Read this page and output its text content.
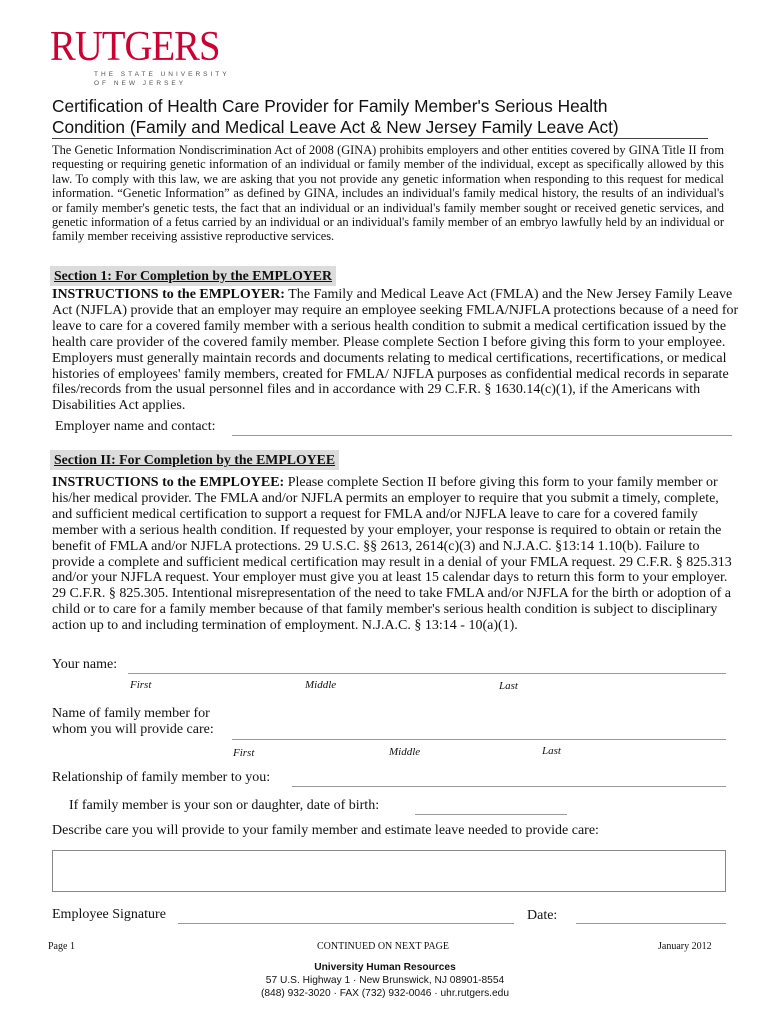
RUTGERS
THE STATE UNIVERSITY
OF NEW JERSEY
Certification of Health Care Provider for Family Member's Serious Health
Condition (Family and Medical Leave Act & New Jersey Family Leave Act)
The Genetic Information Nondiscrimination Act of 2008 (GINA) prohibits employers and other entities covered by GINA Title II from requesting or requiring genetic information of an individual or family member of the individual, except as specifically allowed by this law. To comply with this law, we are asking that you not provide any genetic information when responding to this request for medical information. “Genetic Information” as defined by GINA, includes an individual's family medical history, the results of an individual's or family member's genetic tests, the fact that an individual or an individual's family member sought or received genetic services, and genetic information of a fetus carried by an individual or an individual's family member of an embryo lawfully held by an individual or family member receiving assistive reproductive services.
Section 1: For Completion by the EMPLOYER
INSTRUCTIONS to the EMPLOYER: The Family and Medical Leave Act (FMLA) and the New Jersey Family Leave Act (NJFLA) provide that an employer may require an employee seeking FMLA/NJFLA protections because of a need for leave to care for a covered family member with a serious health condition to submit a medical certification issued by the health care provider of the covered family member. Please complete Section I before giving this form to your employee. Employers must generally maintain records and documents relating to medical certifications, recertifications, or medical histories of employees' family members, created for FMLA/ NJFLA purposes as confidential medical records in separate files/records from the usual personnel files and in accordance with 29 C.F.R. § 1630.14(c)(1), if the Americans with Disabilities Act applies.
Employer name and contact:
Section II: For Completion by the EMPLOYEE
INSTRUCTIONS to the EMPLOYEE: Please complete Section II before giving this form to your family member or his/her medical provider. The FMLA and/or NJFLA permits an employer to require that you submit a timely, complete, and sufficient medical certification to support a request for FMLA and/or NJFLA leave to care for a covered family member with a serious health condition. If requested by your employer, your response is required to obtain or retain the benefit of FMLA and/or NJFLA protections. 29 U.S.C. §§ 2613, 2614(c)(3) and N.J.A.C. §13:14 1.10(b). Failure to provide a complete and sufficient medical certification may result in a denial of your FMLA request. 29 C.F.R. § 825.313 and/or your NJFLA request. Your employer must give you at least 15 calendar days to return this form to your employer. 29 C.F.R. § 825.305. Intentional misrepresentation of the need to take FMLA and/or NJFLA for the birth or adoption of a child or to care for a family member because of that family member's serious health condition is subject to disciplinary action up to and including termination of employment. N.J.A.C. § 13:14 - 10(a)(1).
Your name:
First	Middle	Last
Name of family member for
whom you will provide care:
First	Middle	Last
Relationship of family member to you:
If family member is your son or daughter, date of birth:
Describe care you will provide to your family member and estimate leave needed to provide care:
Employee Signature	Date:
Page 1	CONTINUED ON NEXT PAGE	January 2012
University Human Resources
57 U.S. Highway 1 · New Brunswick, NJ 08901-8554
(848) 932-3020 · FAX (732) 932-0046 · uhr.rutgers.edu
